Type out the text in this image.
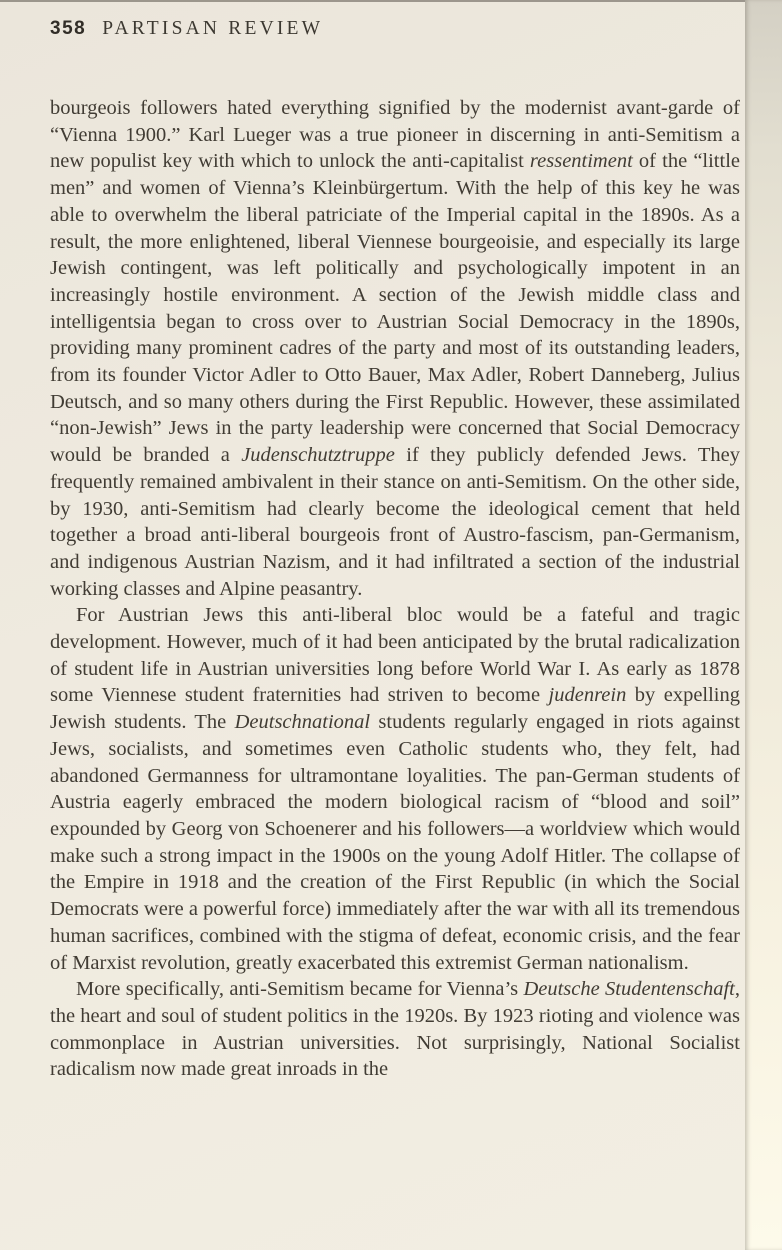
358 PARTISAN REVIEW

bourgeois followers hated everything signified by the modernist avant-garde of “Vienna 1900.” Karl Lueger was a true pioneer in discerning in anti-Semitism a new populist key with which to unlock the anti-capitalist ressentiment of the “little men” and women of Vienna’s Kleinbürgertum. With the help of this key he was able to overwhelm the liberal patriciate of the Imperial capital in the 1890s. As a result, the more enlightened, liberal Viennese bourgeoisie, and especially its large Jewish contingent, was left politically and psychologically impotent in an increasingly hostile environment. A section of the Jewish middle class and intelligentsia began to cross over to Austrian Social Democracy in the 1890s, providing many prominent cadres of the party and most of its outstanding leaders, from its founder Victor Adler to Otto Bauer, Max Adler, Robert Danneberg, Julius Deutsch, and so many others during the First Republic. However, these assimilated “non-Jewish” Jews in the party leadership were concerned that Social Democracy would be branded a Judenschutztruppe if they publicly defended Jews. They frequently remained ambivalent in their stance on anti-Semitism. On the other side, by 1930, anti-Semitism had clearly become the ideological cement that held together a broad anti-liberal bourgeois front of Austro-fascism, pan-Germanism, and indigenous Austrian Nazism, and it had infiltrated a section of the industrial working classes and Alpine peasantry.

For Austrian Jews this anti-liberal bloc would be a fateful and tragic development. However, much of it had been anticipated by the brutal radicalization of student life in Austrian universities long before World War I. As early as 1878 some Viennese student fraternities had striven to become judenrein by expelling Jewish students. The Deutschnational students regularly engaged in riots against Jews, socialists, and sometimes even Catholic students who, they felt, had abandoned Germanness for ultramontane loyalities. The pan-German students of Austria eagerly embraced the modern biological racism of “blood and soil” expounded by Georg von Schoenerer and his followers—a worldview which would make such a strong impact in the 1900s on the young Adolf Hitler. The collapse of the Empire in 1918 and the creation of the First Republic (in which the Social Democrats were a powerful force) immediately after the war with all its tremendous human sacrifices, combined with the stigma of defeat, economic crisis, and the fear of Marxist revolution, greatly exacerbated this extremist German nationalism.

More specifically, anti-Semitism became for Vienna’s Deutsche Studentenschaft, the heart and soul of student politics in the 1920s. By 1923 rioting and violence was commonplace in Austrian universities. Not surprisingly, National Socialist radicalism now made great inroads in the
